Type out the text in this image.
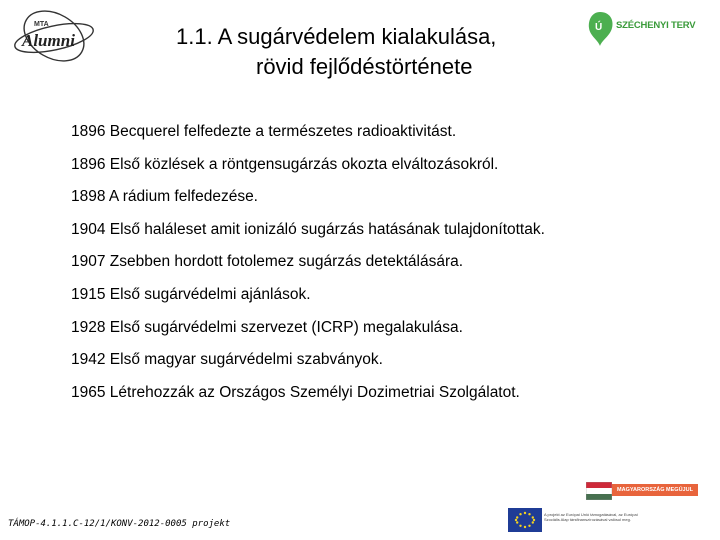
MTA
Alumni	1.1. A sugárvédelem kialakulása,
rövid fejlődéstörténete
Ú SZÉCHENYI TERV
1896 Becquerel felfedezte a természetes radioaktivitást.
1896 Első közlések a röntgensugárzás okozta elváltozásokról.
1898 A rádium felfedezése.
1904 Első haláleset amit ionizáló sugárzás hatásának tulajdonítottak.
1907 Zsebben hordott fotolemez sugárzás detektálására.
1915 Első sugárvédelmi ajánlások.
1928 Első sugárvédelmi szervezet (ICRP) megalakulása.
1942 Első magyar sugárvédelmi szabványok.
1965 Létrehozzák az Országos Személyi Dozimetriai Szolgálatot.
TÁMOP-4.1.1.C-12/1/KONV-2012-0005 projekt
MAGYARORSZÁG MEGÚJUL
A projekt az Európai Unió támogatásával, az Európai
Szociális Alap társfinanszírozásával valósul meg.
